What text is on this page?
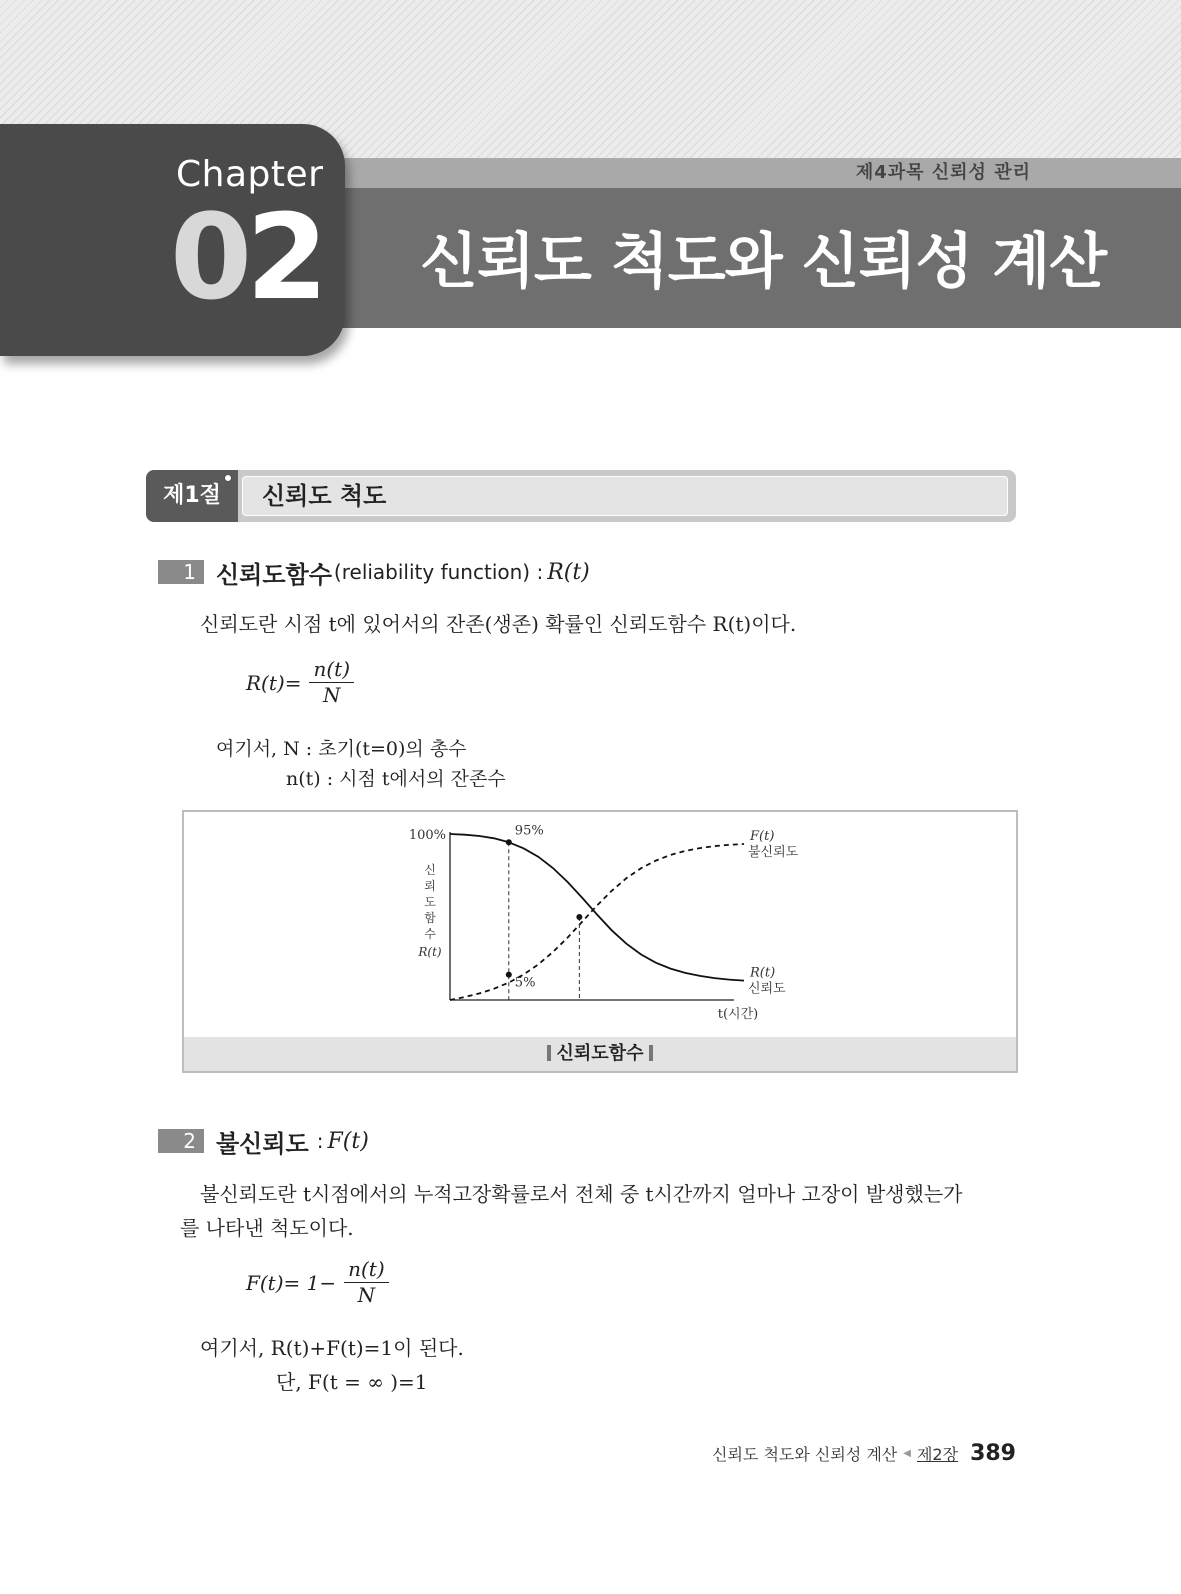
제4과목 신뢰성 관리
신뢰도 척도와 신뢰성 계산
Chapter
02
제1절	신뢰도 척도
1 신뢰도함수 (reliability function) : R(t)
신뢰도란 시점 t에 있어서의 잔존(생존) 확률인 신뢰도함수 R(t)이다.
$R(t)= \frac{n(t)}{N}$
여기서, N : 초기(t=0)의 총수
n(t) : 시점 t에서의 잔존수
100%
R(t)
신뢰도
F(t)
불신뢰도
95%
5%
신
뢰
도
함
수
R(t)
t(시간)
신뢰도함수
2 불신뢰도 : F(t)
불신뢰도란 t시점에서의 누적고장확률로서 전체 중 t시간까지 얼마나 고장이 발생했는가
를 나타낸 척도이다.
$F(t)= 1- \frac{n(t)}{N}$
여기서, R(t)+F(t)=1이 된다.
단, F(t = ∞ )=1
신뢰도 척도와 신뢰성 계산 ◀ 제2장 389
